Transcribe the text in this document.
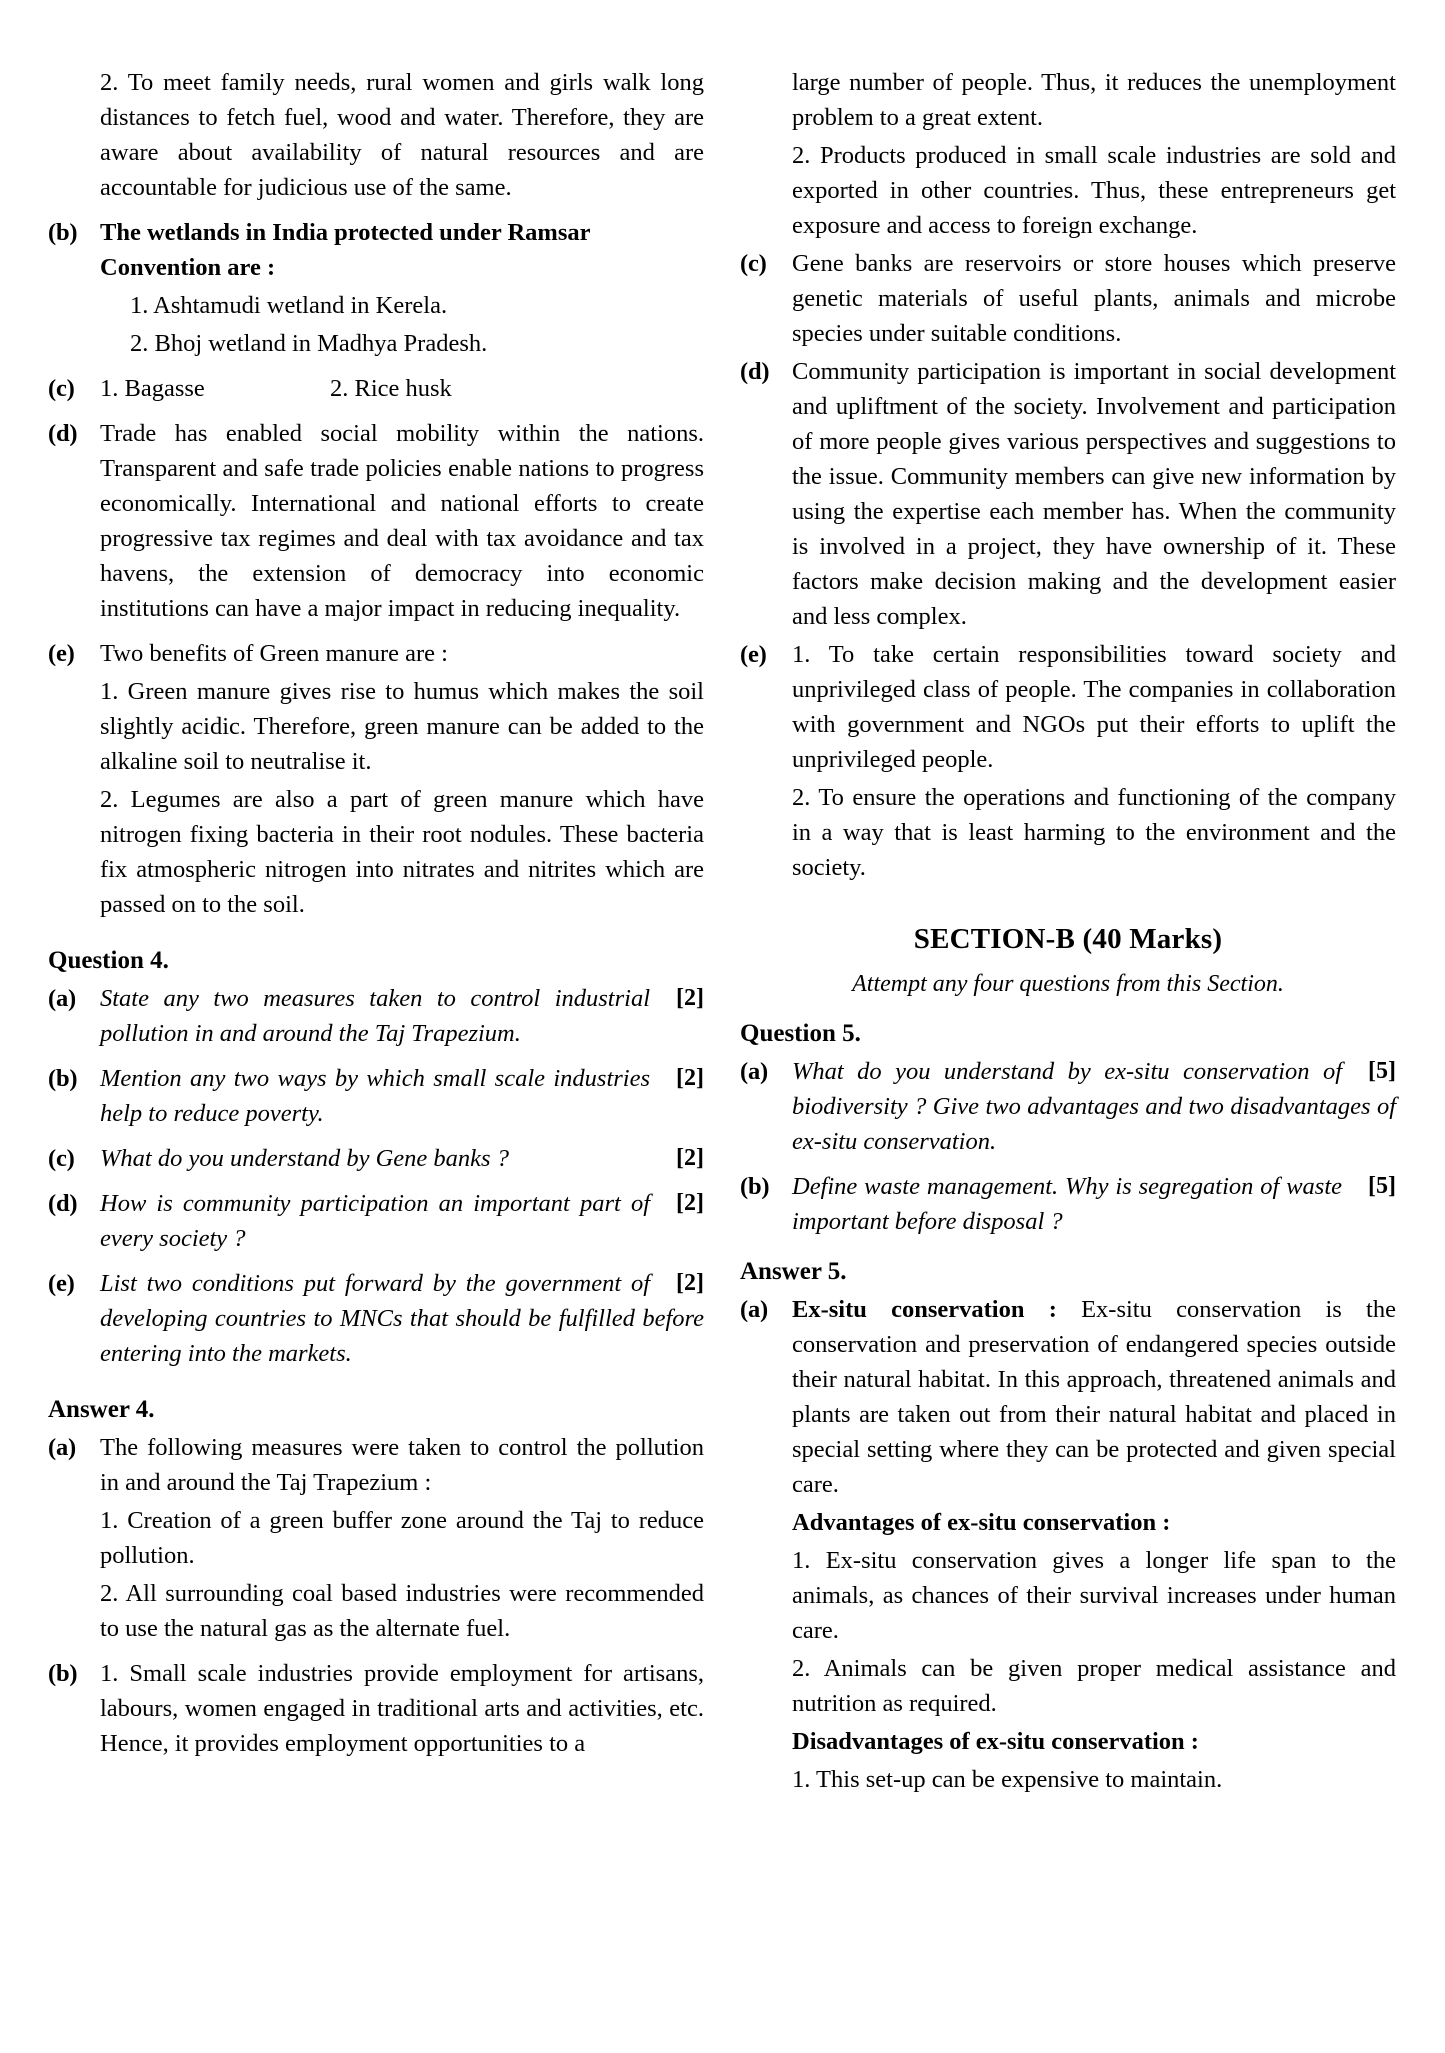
2. To meet family needs, rural women and girls walk long distances to fetch fuel, wood and water. Therefore, they are aware about availability of natural resources and are accountable for judicious use of the same.
(b) The wetlands in India protected under Ramsar Convention are :

1. Ashtamudi wetland in Kerela.

2. Bhoj wetland in Madhya Pradesh.

(c)	1. Bagasse	2. Rice husk
(d) Trade has enabled social mobility within the nations. Transparent and safe trade policies enable nations to progress economically. International and national efforts to create progressive tax regimes and deal with tax avoidance and tax havens, the extension of democracy into economic institutions can have a major impact in reducing inequality.
(e)	Two benefits of Green manure are :
1. Green manure gives rise to humus which makes the soil slightly acidic. Therefore, green manure can be added to the alkaline soil to neutralise it.
2. Legumes are also a part of green manure which have nitrogen fixing bacteria in their root nodules. These bacteria fix atmospheric nitrogen into nitrates and nitrites which are passed on to the soil.
Question 4.
(a)	[2]
State any two measures taken to control industrial pollution in and around the Taj Trapezium.
(b)	[2]
Mention any two ways by which small scale industries help to reduce poverty.
(c)	[2]
What do you understand by Gene banks ?
(d)	[2]
How is community participation an important part of every society ?
(e)	[2]
List two conditions put forward by the government of developing countries to MNCs that should be fulfilled before entering into the markets.
Answer 4.
(a) The following measures were taken to control the pollution in and around the Taj Trapezium :
1. Creation of a green buffer zone around the Taj to reduce pollution.
2. All surrounding coal based industries were recommended to use the natural gas as the alternate fuel.
(b) 1. Small scale industries provide employment for artisans, labours, women engaged in traditional arts and activities, etc. Hence, it provides employment opportunities to a
large number of people. Thus, it reduces the unemployment problem to a great extent.
2. Products produced in small scale industries are sold and exported in other countries. Thus, these entrepreneurs get exposure and access to foreign exchange.
(c)	Gene banks are reservoirs or store houses which preserve genetic materials of useful plants, animals and microbe species under suitable conditions.
(d) Community participation is important in social development and upliftment of the society. Involvement and participation of more people gives various perspectives and suggestions to the issue. Community members can give new information by using the expertise each member has. When the community is involved in a project, they have ownership of it. These factors make decision making and the development easier and less complex.
(e)	1. To take certain responsibilities toward society and unprivileged class of people. The companies in collaboration with government and NGOs put their efforts to uplift the unprivileged people.
2. To ensure the operations and functioning of the company in a way that is least harming to the environment and the society.
SECTION-B (40 Marks)
Attempt any four questions from this Section.
Question 5.
(a)	[5]
What do you understand by ex-situ conservation of biodiversity ? Give two advantages and two disadvantages of ex-situ conservation.
(b)	[5]
Define waste management. Why is segregation of waste important before disposal ?
Answer 5.
(a) Ex-situ conservation : Ex-situ conservation is the conservation and preservation of endangered species outside their natural habitat. In this approach, threatened animals and plants are taken out from their natural habitat and placed in special setting where they can be protected and given special care.

Advantages of ex-situ conservation :

1. Ex-situ conservation gives a longer life span to the animals, as chances of their survival increases under human care.
2. Animals can be given proper medical assistance and nutrition as required.

Disadvantages of ex-situ conservation :

1. This set-up can be expensive to maintain.
